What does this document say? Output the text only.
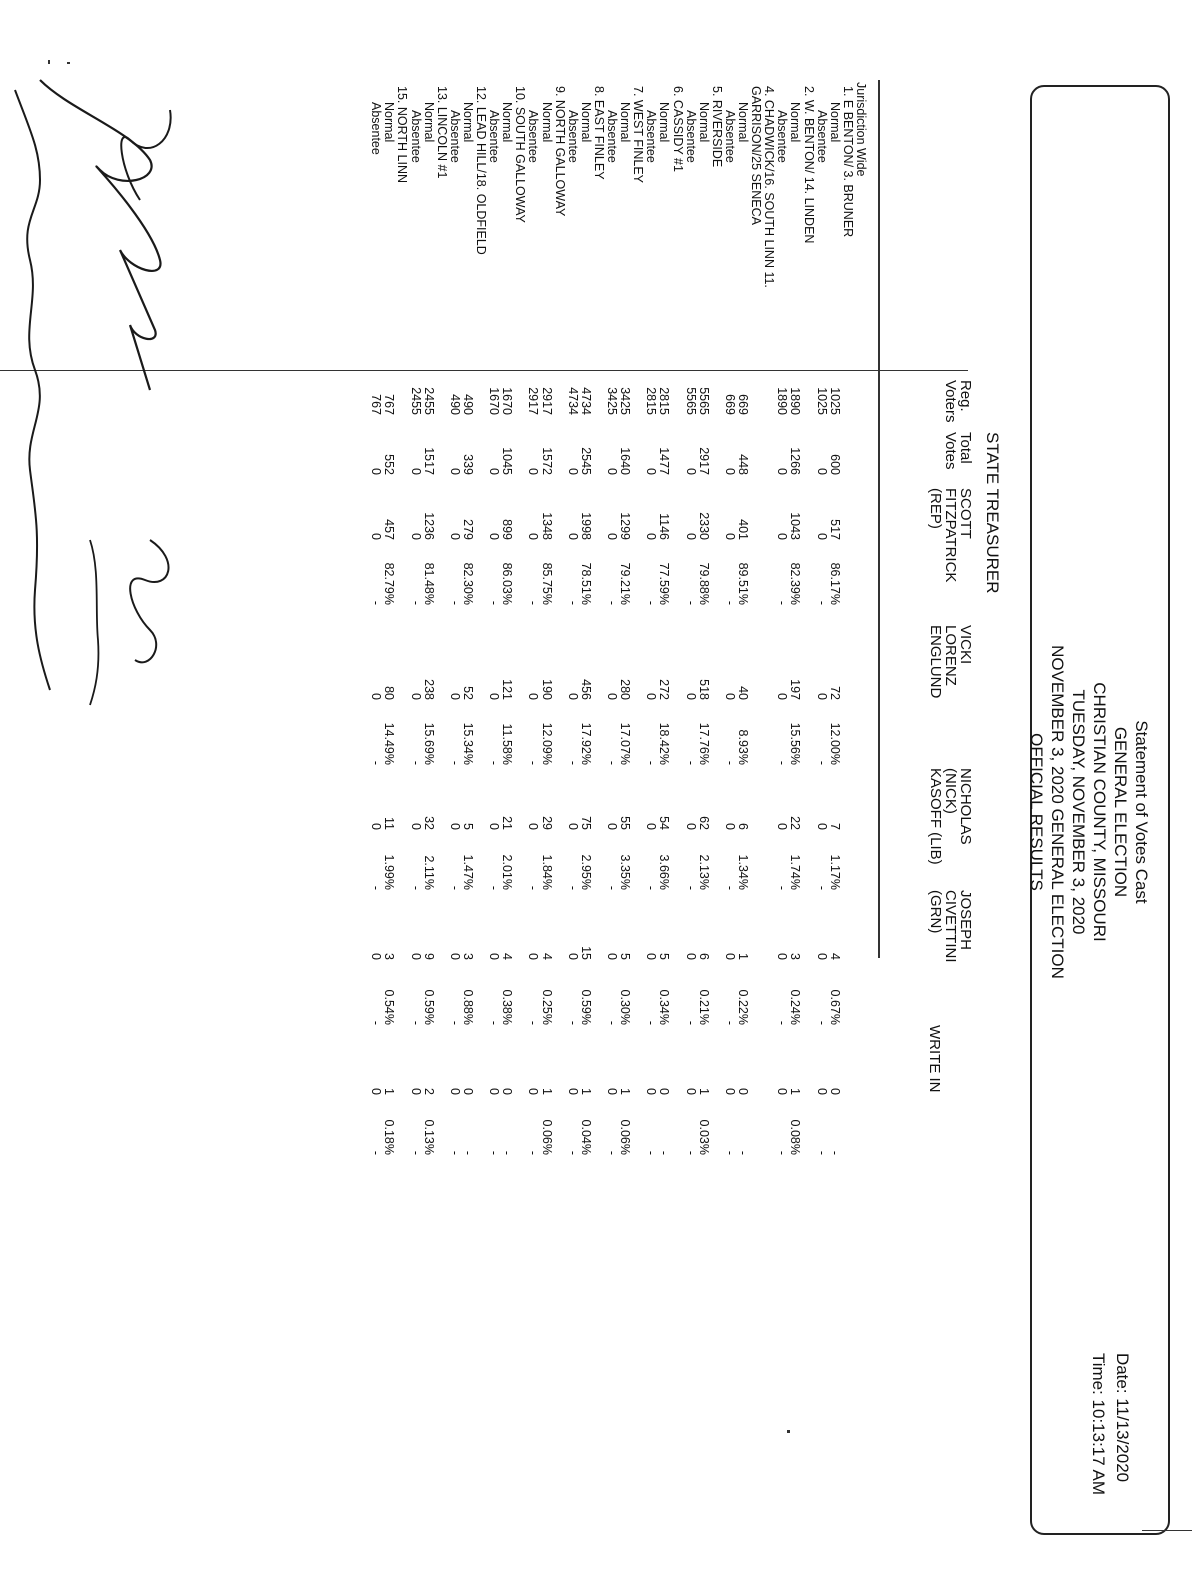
Statement of Votes Cast
GENERAL ELECTION
CHRISTIAN COUNTY, MISSOURI
TUESDAY, NOVEMBER 3, 2020
NOVEMBER 3, 2020 GENERAL ELECTION
OFFICIAL RESULTS
Date: 11/13/2020
Time: 10:13:17 AM
STATE TREASURER
Reg.
Voters
Total
Votes
SCOTT
FITZPATRICK
(REP)
VICKI
LORENZ
ENGLUND
NICHOLAS
(NICK)
KASOFF (LIB)
JOSEPH
CIVETTINI
(GRN)
WRITE IN
Jurisdiction Wide
1. E BENTON/ 3. BRUNER
Normal
1025
600
517
86.17%
72
12.00%
7
1.17%
4
0.67%
0
-
Absentee
1025
0
0
-
0
-
0
-
0
-
0
-
2. W. BENTON/ 14. LINDEN
Normal
1890
1266
1043
82.39%
197
15.56%
22
1.74%
3
0.24%
1
0.08%
Absentee
1890
0
0
-
0
-
0
-
0
-
0
-
4. CHADWICK/16. SOUTH LINN 11.
GARRISON/25 SENECA
Normal
669
448
401
89.51%
40
8.93%
6
1.34%
1
0.22%
0
-
Absentee
669
0
0
-
0
-
0
-
0
-
0
-
5. RIVERSIDE
Normal
5565
2917
2330
79.88%
518
17.76%
62
2.13%
6
0.21%
1
0.03%
Absentee
5565
0
0
-
0
-
0
-
0
-
0
-
6. CASSIDY #1
Normal
2815
1477
1146
77.59%
272
18.42%
54
3.66%
5
0.34%
0
-
Absentee
2815
0
0
-
0
-
0
-
0
-
0
-
7. WEST FINLEY
Normal
3425
1640
1299
79.21%
280
17.07%
55
3.35%
5
0.30%
1
0.06%
Absentee
3425
0
0
-
0
-
0
-
0
-
0
-
8. EAST FINLEY
Normal
4734
2545
1998
78.51%
456
17.92%
75
2.95%
15
0.59%
1
0.04%
Absentee
4734
0
0
-
0
-
0
-
0
-
0
-
9. NORTH GALLOWAY
Normal
2917
1572
1348
85.75%
190
12.09%
29
1.84%
4
0.25%
1
0.06%
Absentee
2917
0
0
-
0
-
0
-
0
-
0
-
10. SOUTH GALLOWAY
Normal
1670
1045
899
86.03%
121
11.58%
21
2.01%
4
0.38%
0
-
Absentee
1670
0
0
-
0
-
0
-
0
-
0
-
12. LEAD HILL/18. OLDFIELD
Normal
490
339
279
82.30%
52
15.34%
5
1.47%
3
0.88%
0
-
Absentee
490
0
0
-
0
-
0
-
0
-
0
-
13. LINCOLN #1
Normal
2455
1517
1236
81.48%
238
15.69%
32
2.11%
9
0.59%
2
0.13%
Absentee
2455
0
0
-
0
-
0
-
0
-
0
-
15. NORTH LINN
Normal
767
552
457
82.79%
80
14.49%
11
1.99%
3
0.54%
1
0.18%
Absentee
767
0
0
-
0
-
0
-
0
-
0
-
